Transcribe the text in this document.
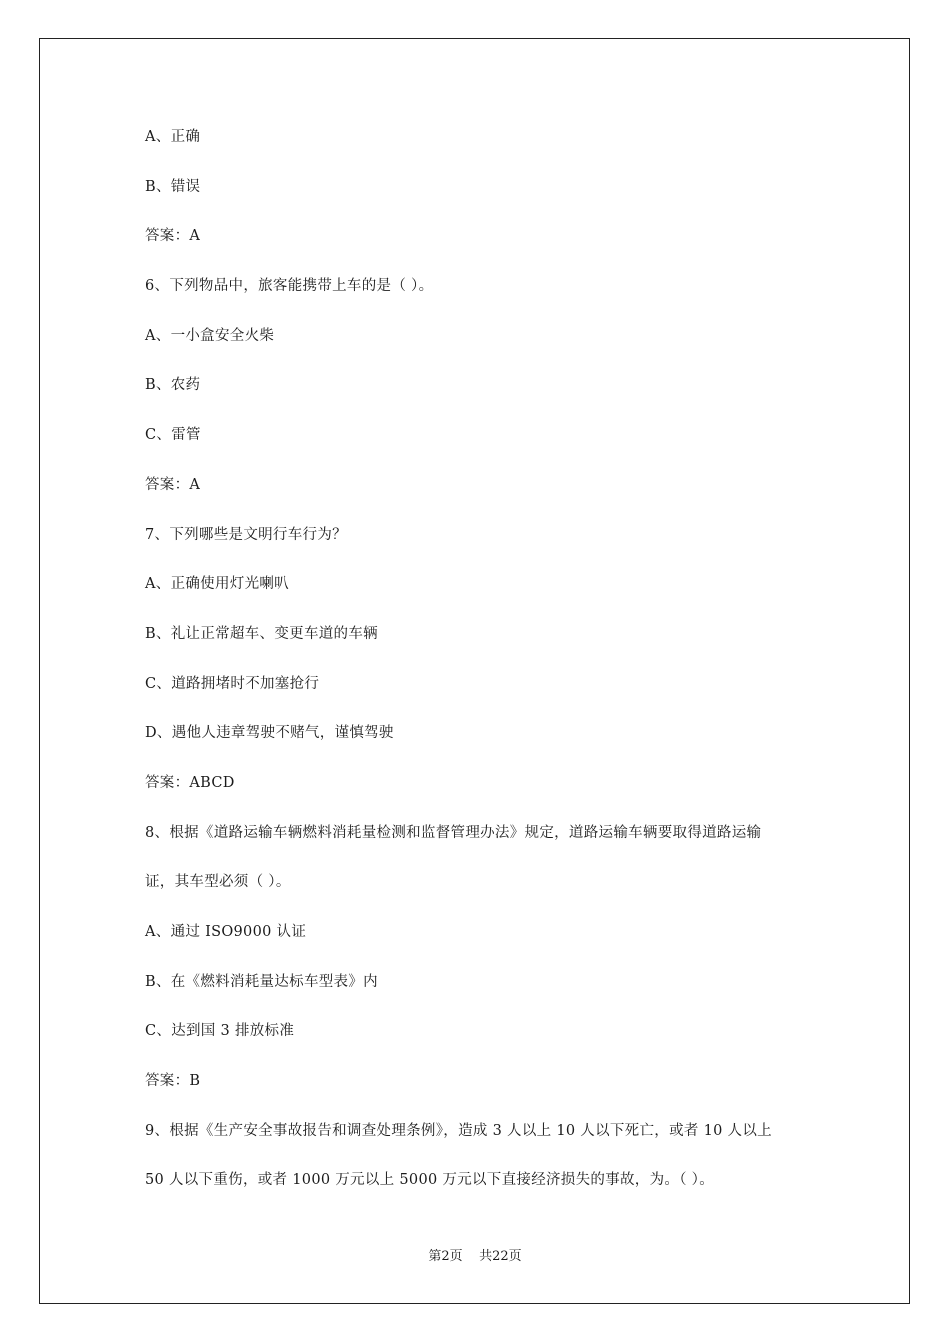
A、正确
B、错误
答案：A
6、下列物品中，旅客能携带上车的是（ ）。
A、一小盒安全火柴
B、农药
C、雷管
答案：A
7、下列哪些是文明行车行为？
A、正确使用灯光喇叭
B、礼让正常超车、变更车道的车辆
C、道路拥堵时不加塞抢行
D、遇他人违章驾驶不赌气，谨慎驾驶
答案：ABCD
8、根据《道路运输车辆燃料消耗量检测和监督管理办法》规定，道路运输车辆要取得道路运输
证，其车型必须（ ）。
A、通过 ISO9000 认证
B、在《燃料消耗量达标车型表》内
C、达到国 3 排放标准
答案：B
9、根据《生产安全事故报告和调查处理条例》，造成 3 人以上 10 人以下死亡，或者 10 人以上
50 人以下重伤，或者 1000 万元以上 5000 万元以下直接经济损失的事故，为。（ ）。
第2页    共22页
